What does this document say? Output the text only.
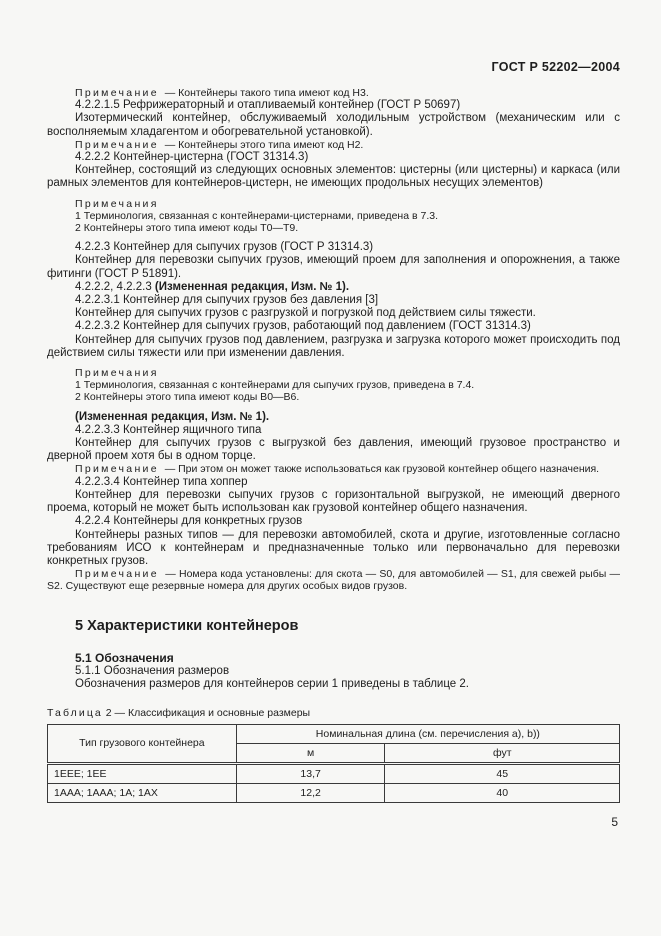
ГОСТ Р 52202—2004

Примечание  — Контейнеры такого типа имеют код Н3.

4.2.2.1.5 Рефрижераторный и отапливаемый контейнер (ГОСТ Р 50697)

Изотермический контейнер, обслуживаемый холодильным устройством (механическим или с восполняемым хладагентом и обогревательной установкой).

Примечание  — Контейнеры этого типа имеют код Н2.

4.2.2.2 Контейнер-цистерна (ГОСТ 31314.3)

Контейнер, состоящий из следующих основных элементов: цистерны (или цистерны) и каркаса (или рамных элементов для контейнеров-цистерн, не имеющих продольных несущих элементов)

Примечания
1 Терминология, связанная с контейнерами-цистернами, приведена в 7.3.
2 Контейнеры этого типа имеют коды Т0—Т9.

4.2.2.3 Контейнер для сыпучих грузов (ГОСТ Р 31314.3)

Контейнер для перевозки сыпучих грузов, имеющий проем для заполнения и опорожнения, а также фитинги (ГОСТ Р 51891).

4.2.2.2, 4.2.2.3 (Измененная редакция, Изм. № 1).

4.2.2.3.1 Контейнер для сыпучих грузов без давления [3]

Контейнер для сыпучих грузов с разгрузкой и погрузкой под действием силы тяжести.

4.2.2.3.2 Контейнер для сыпучих грузов, работающий под давлением (ГОСТ 31314.3)

Контейнер для сыпучих грузов под давлением, разгрузка и загрузка которого может происходить под действием силы тяжести или при изменении давления.

Примечания
1 Терминология, связанная с контейнерами для сыпучих грузов, приведена в 7.4.
2 Контейнеры этого типа имеют коды В0—В6.

(Измененная редакция, Изм. № 1).

4.2.2.3.3 Контейнер ящичного типа

Контейнер для сыпучих грузов с выгрузкой без давления, имеющий грузовое пространство и дверной проем хотя бы в одном торце.

Примечание  — При этом он может также использоваться как грузовой контейнер общего назначения.

4.2.2.3.4 Контейнер типа хоппер

Контейнер для перевозки сыпучих грузов с горизонтальной выгрузкой, не имеющий дверного проема, который не может быть использован как грузовой контейнер общего назначения.

4.2.2.4 Контейнеры для конкретных грузов

Контейнеры разных типов — для перевозки автомобилей, скота и другие, изготовленные согласно требованиям ИСО к контейнерам и предназначенные только или первоначально для перевозки конкретных грузов.

Примечание  — Номера кода установлены: для скота — S0, для автомобилей — S1, для свежей рыбы — S2. Существуют еще резервные номера для других особых видов грузов.

5 Характеристики контейнеров
5.1 Обозначения

5.1.1 Обозначения размеров

Обозначения размеров для контейнеров серии 1 приведены в таблице 2.

Таблица 2 — Классификация и основные размеры
Тип грузового контейнера	Номинальная длина (см. перечисления а), b))	
	м	фут
1EEE; 1EE	13,7	45
1AAA; 1AAA; 1A; 1AX	12,2	40
5
